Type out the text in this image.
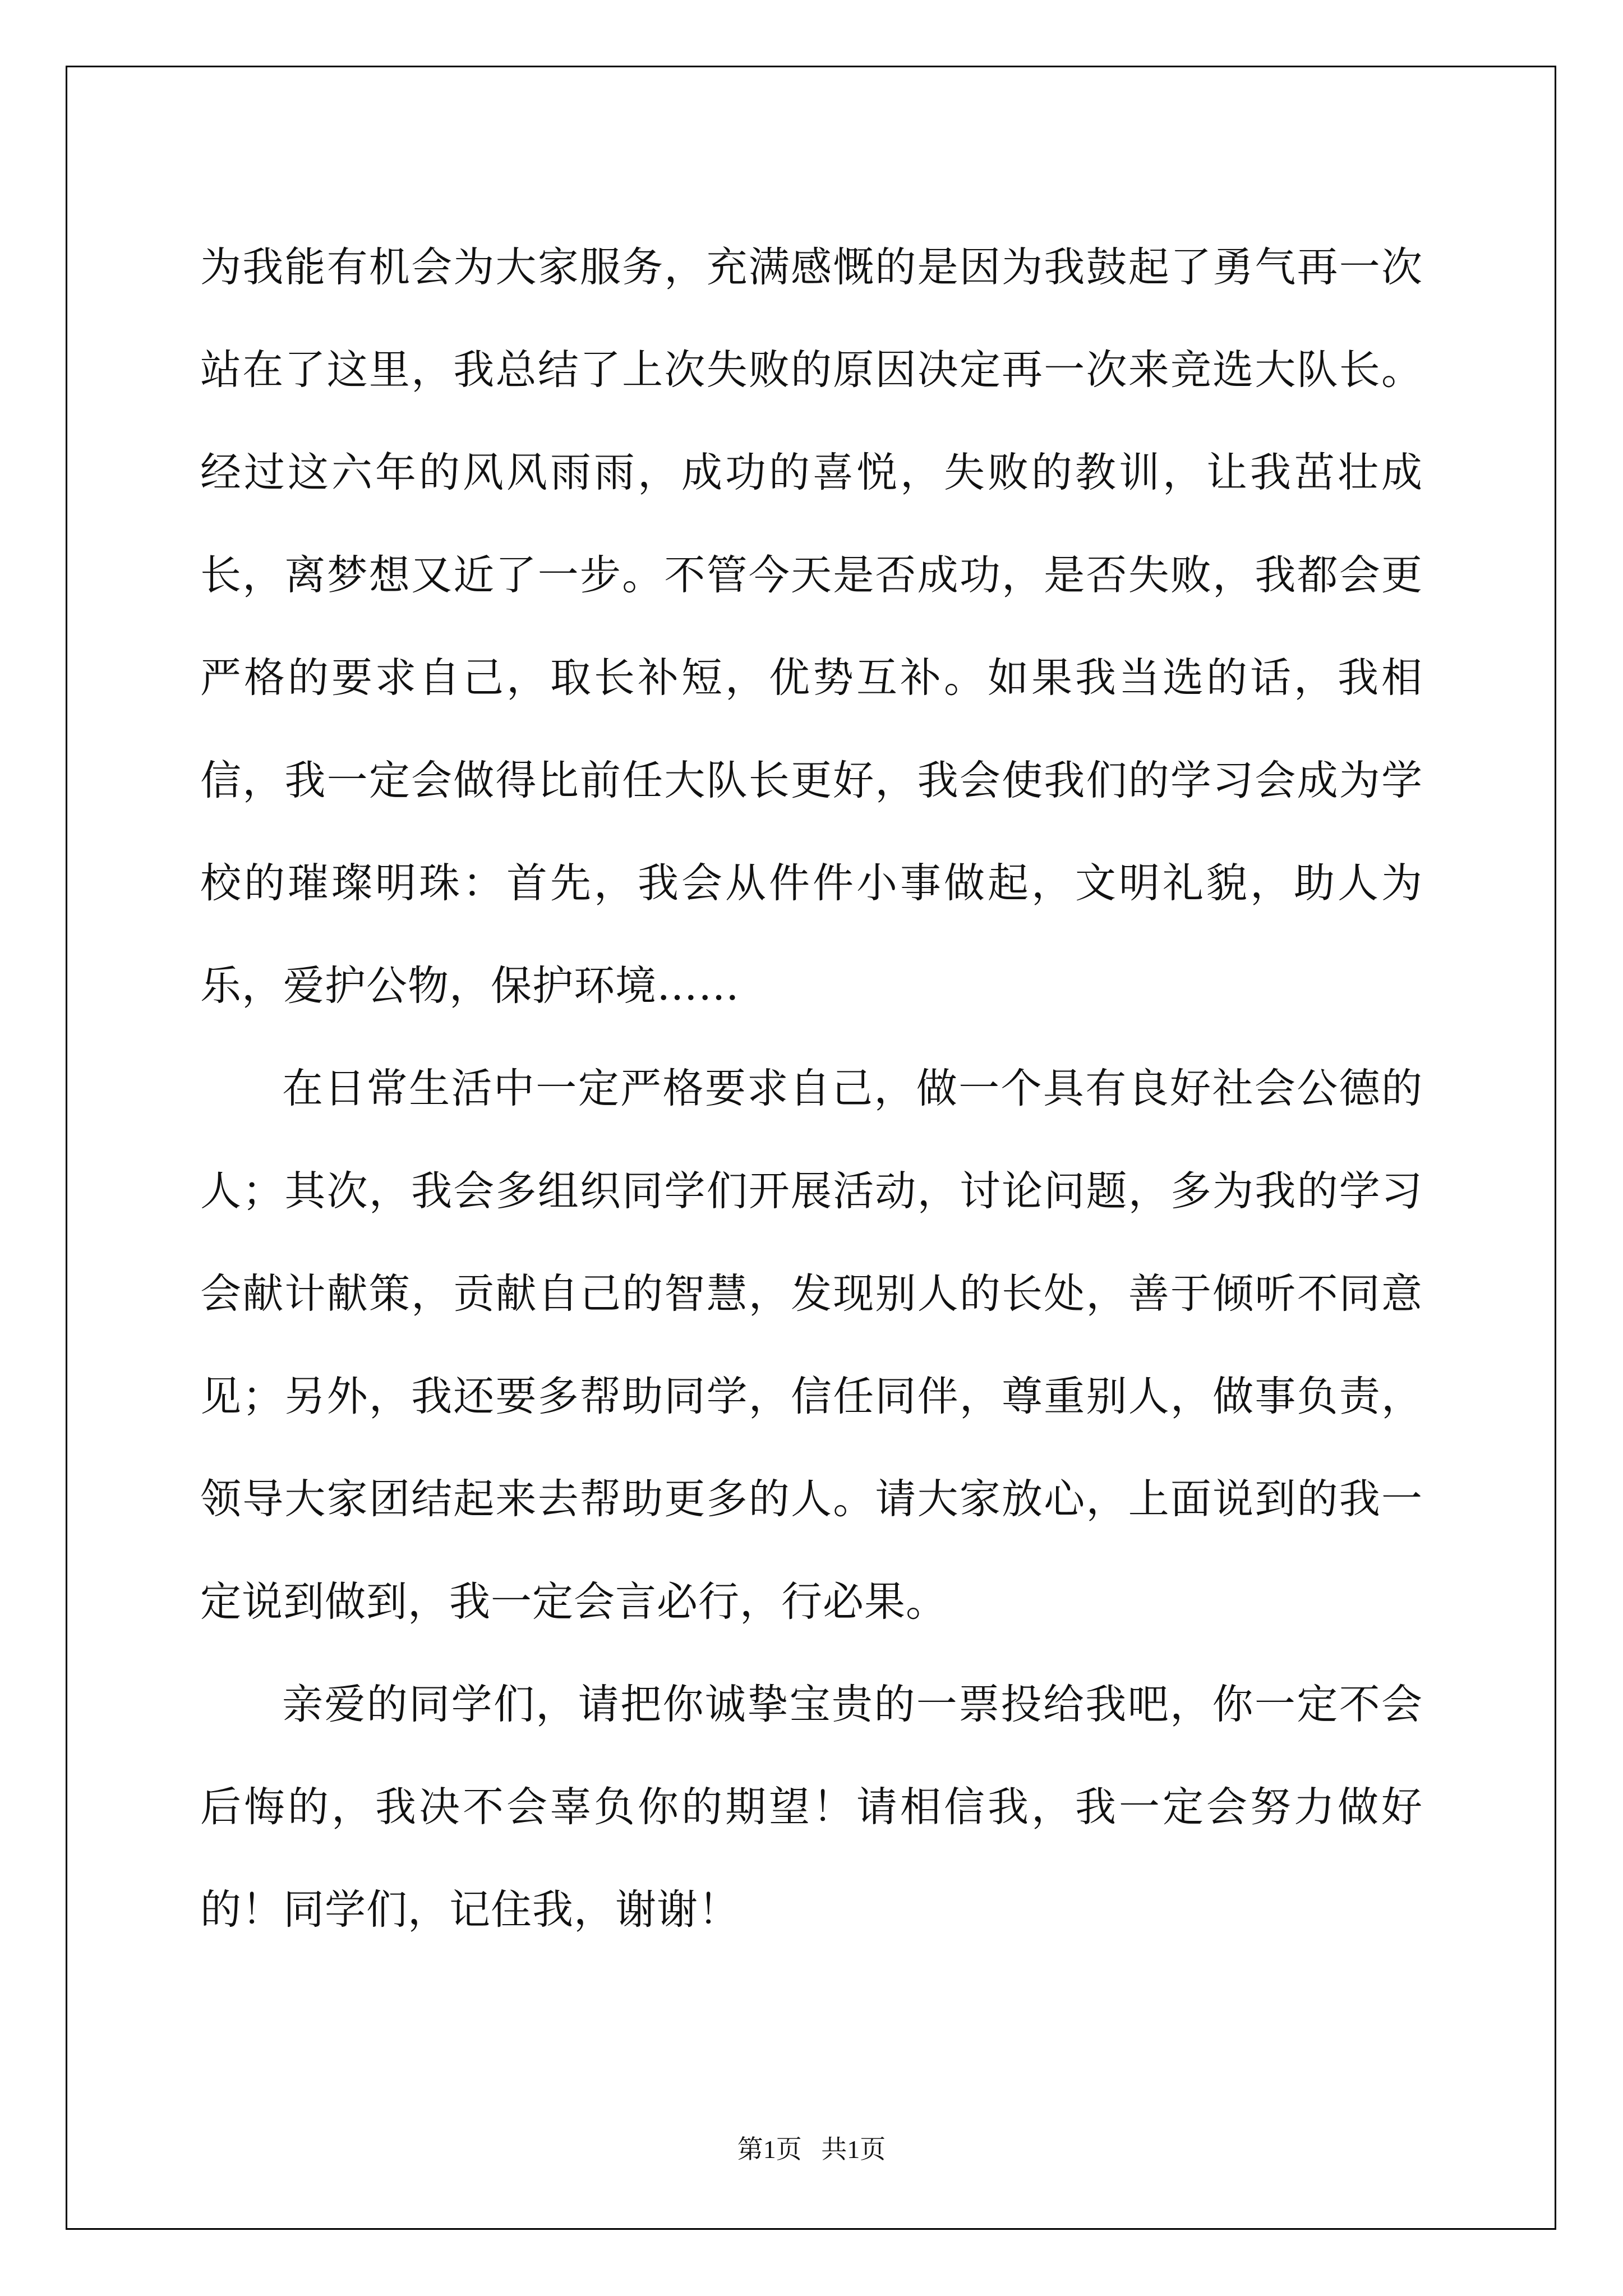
为我能有机会为大家服务，充满感慨的是因为我鼓起了勇气再一次站在了这里，我总结了上次失败的原因决定再一次来竞选大队长。经过这六年的风风雨雨，成功的喜悦，失败的教训，让我茁壮成长，离梦想又近了一步。不管今天是否成功，是否失败，我都会更严格的要求自己，取长补短，优势互补。如果我当选的话，我相信，我一定会做得比前任大队长更好，我会使我们的学习会成为学校的璀璨明珠：首先，我会从件件小事做起，文明礼貌，助人为乐，爱护公物，保护环境……

在日常生活中一定严格要求自己，做一个具有良好社会公德的人；其次，我会多组织同学们开展活动，讨论问题，多为我的学习会献计献策，贡献自己的智慧，发现别人的长处，善于倾听不同意见；另外，我还要多帮助同学，信任同伴，尊重别人，做事负责，领导大家团结起来去帮助更多的人。请大家放心，上面说到的我一定说到做到，我一定会言必行，行必果。

亲爱的同学们，请把你诚挚宝贵的一票投给我吧，你一定不会后悔的，我决不会辜负你的期望！请相信我，我一定会努力做好的！同学们，记住我，谢谢！

第1页   共1页
